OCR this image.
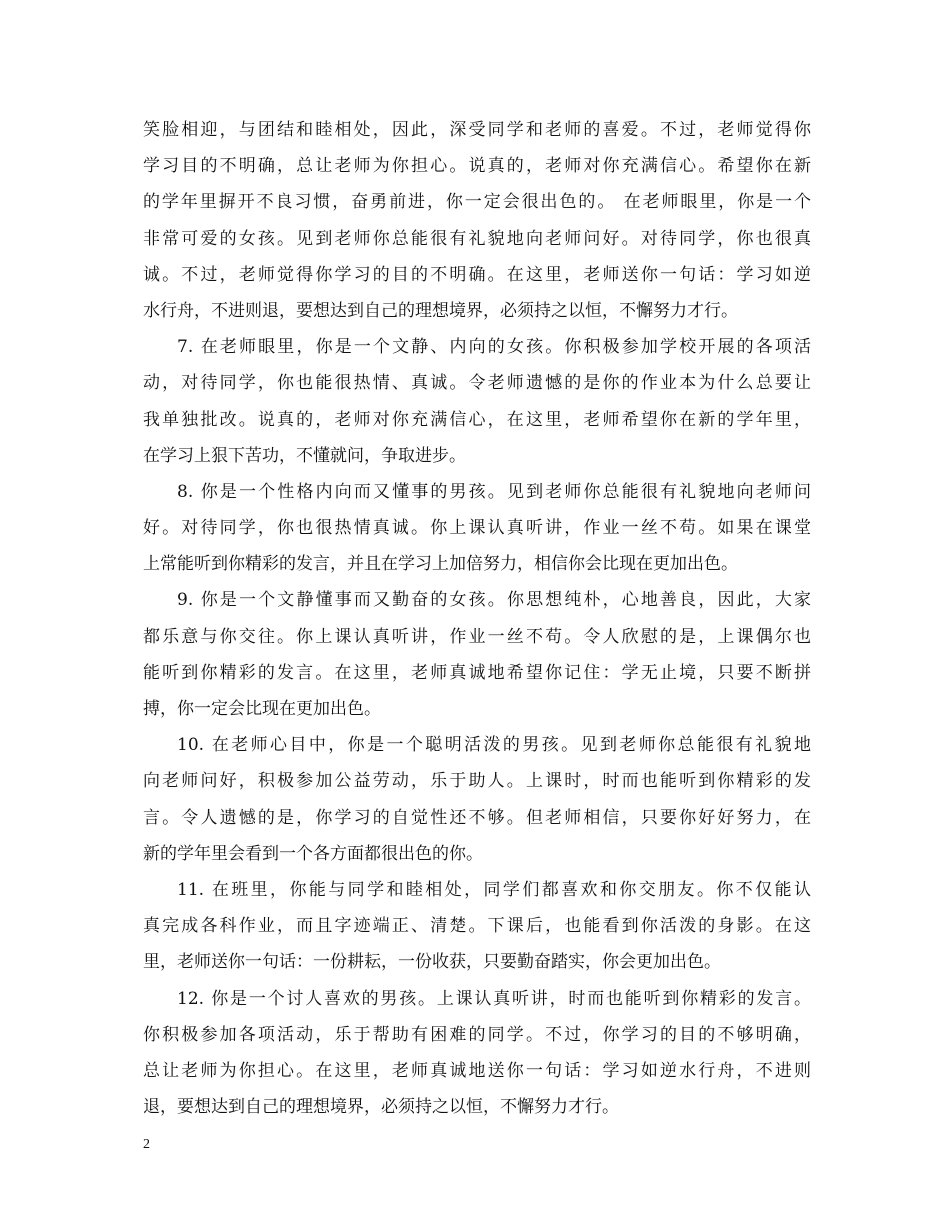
笑脸相迎，与团结和睦相处，因此，深受同学和老师的喜爱。不过，老师觉得你
学习目的不明确，总让老师为你担心。说真的，老师对你充满信心。希望你在新
的学年里摒开不良习惯，奋勇前进，你一定会很出色的。 在老师眼里，你是一个
非常可爱的女孩。见到老师你总能很有礼貌地向老师问好。对待同学，你也很真
诚。不过，老师觉得你学习的目的不明确。在这里，老师送你一句话：学习如逆
水行舟，不进则退，要想达到自己的理想境界，必须持之以恒，不懈努力才行。
7. 在老师眼里，你是一个文静、内向的女孩。你积极参加学校开展的各项活
动，对待同学，你也能很热情、真诚。令老师遗憾的是你的作业本为什么总要让
我单独批改。说真的，老师对你充满信心，在这里，老师希望你在新的学年里，
在学习上狠下苦功，不懂就问，争取进步。
8. 你是一个性格内向而又懂事的男孩。见到老师你总能很有礼貌地向老师问
好。对待同学，你也很热情真诚。你上课认真听讲，作业一丝不苟。如果在课堂
上常能听到你精彩的发言，并且在学习上加倍努力，相信你会比现在更加出色。
9. 你是一个文静懂事而又勤奋的女孩。你思想纯朴，心地善良，因此，大家
都乐意与你交往。你上课认真听讲，作业一丝不苟。令人欣慰的是，上课偶尔也
能听到你精彩的发言。在这里，老师真诚地希望你记住：学无止境，只要不断拼
搏，你一定会比现在更加出色。
10. 在老师心目中，你是一个聪明活泼的男孩。见到老师你总能很有礼貌地
向老师问好，积极参加公益劳动，乐于助人。上课时，时而也能听到你精彩的发
言。令人遗憾的是，你学习的自觉性还不够。但老师相信，只要你好好努力，在
新的学年里会看到一个各方面都很出色的你。
11. 在班里，你能与同学和睦相处，同学们都喜欢和你交朋友。你不仅能认
真完成各科作业，而且字迹端正、清楚。下课后，也能看到你活泼的身影。在这
里，老师送你一句话：一份耕耘，一份收获，只要勤奋踏实，你会更加出色。
12. 你是一个讨人喜欢的男孩。上课认真听讲，时而也能听到你精彩的发言。
你积极参加各项活动，乐于帮助有困难的同学。不过，你学习的目的不够明确，
总让老师为你担心。在这里，老师真诚地送你一句话：学习如逆水行舟，不进则
退，要想达到自己的理想境界，必须持之以恒，不懈努力才行。
2
